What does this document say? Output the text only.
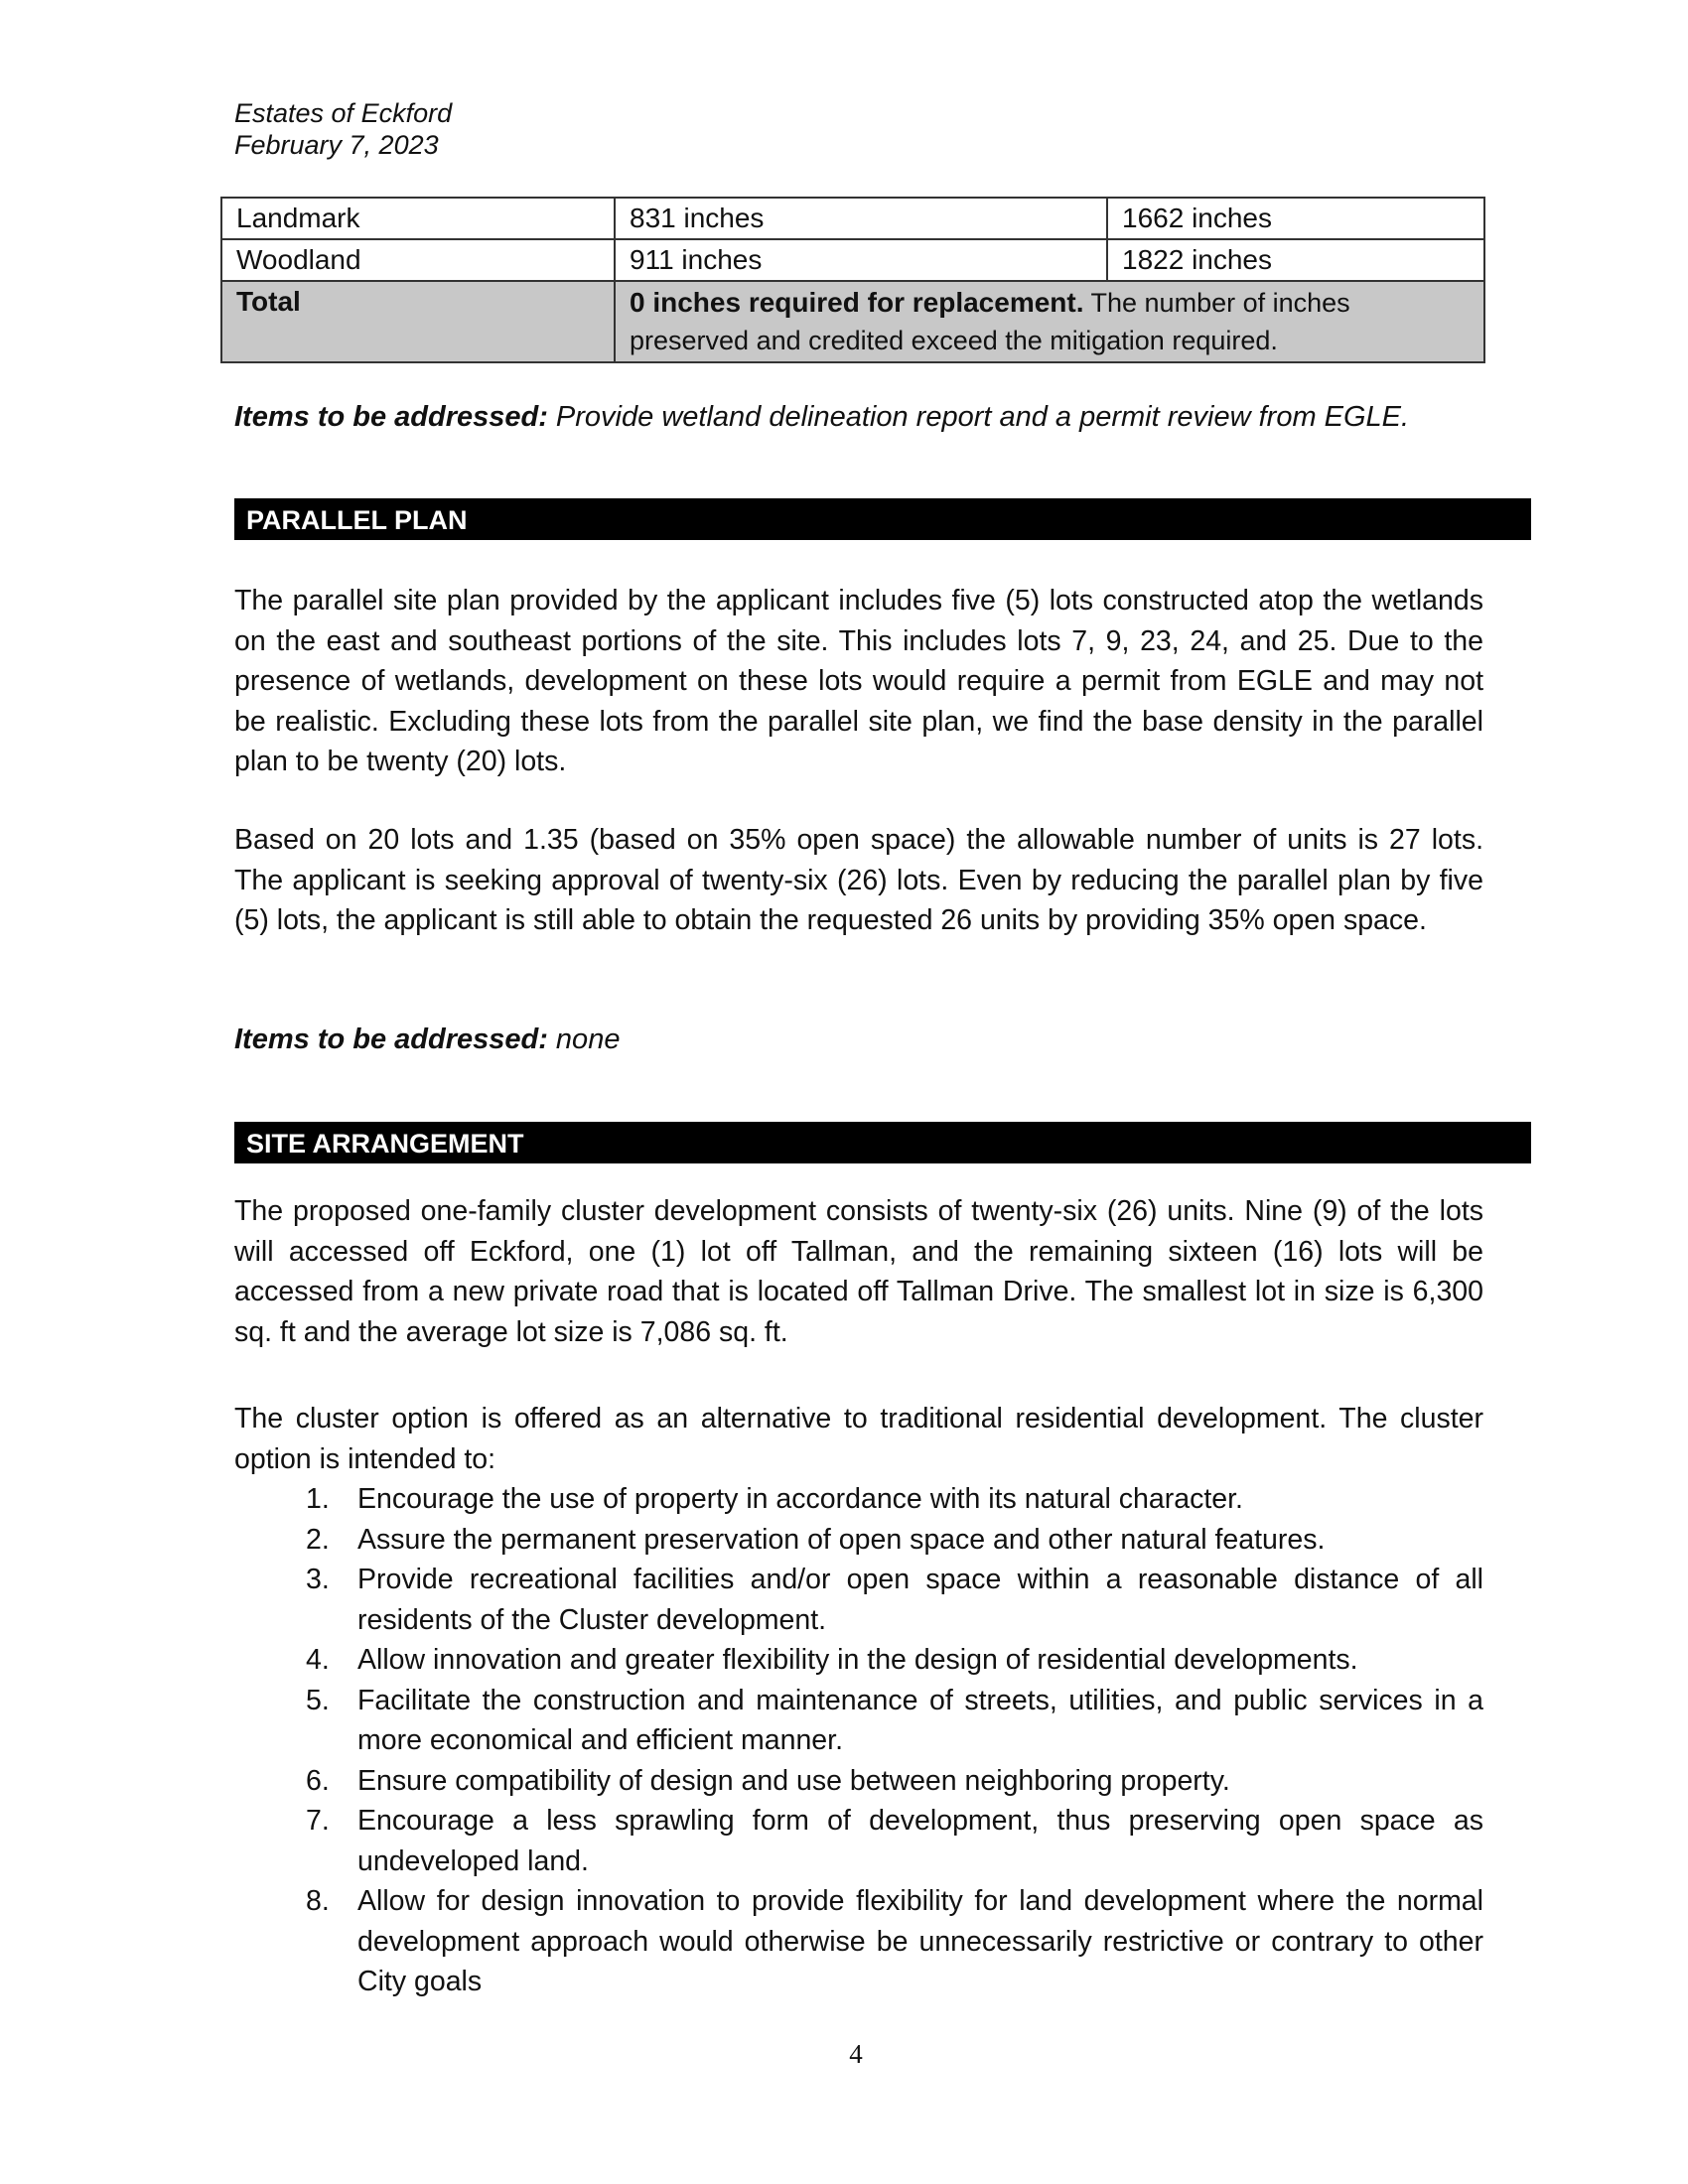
Estates of Eckford
February 7, 2023
Landmark	831 inches	1662 inches
Woodland	911 inches	1822 inches
Total	0 inches required for replacement. The number of inches preserved and credited exceed the mitigation required.	
Items to be addressed: Provide wetland delineation report and a permit review from EGLE.
PARALLEL PLAN
The parallel site plan provided by the applicant includes five (5) lots constructed atop the wetlands on the east and southeast portions of the site. This includes lots 7, 9, 23, 24, and 25. Due to the presence of wetlands, development on these lots would require a permit from EGLE and may not be realistic. Excluding these lots from the parallel site plan, we find the base density in the parallel plan to be twenty (20) lots.
Based on 20 lots and 1.35 (based on 35% open space) the allowable number of units is 27 lots. The applicant is seeking approval of twenty-six (26) lots. Even by reducing the parallel plan by five (5) lots, the applicant is still able to obtain the requested 26 units by providing 35% open space.
Items to be addressed: none
SITE ARRANGEMENT
The proposed one-family cluster development consists of twenty-six (26) units. Nine (9) of the lots will accessed off Eckford, one (1) lot off Tallman, and the remaining sixteen (16) lots will be accessed from a new private road that is located off Tallman Drive. The smallest lot in size is 6,300 sq. ft and the average lot size is 7,086 sq. ft.
The cluster option is offered as an alternative to traditional residential development. The cluster option is intended to:
1. Encourage the use of property in accordance with its natural character.
2. Assure the permanent preservation of open space and other natural features.
3. Provide recreational facilities and/or open space within a reasonable distance of all residents of the Cluster development.
4. Allow innovation and greater flexibility in the design of residential developments.
5. Facilitate the construction and maintenance of streets, utilities, and public services in a more economical and efficient manner.
6. Ensure compatibility of design and use between neighboring property.
7. Encourage a less sprawling form of development, thus preserving open space as undeveloped land.
8. Allow for design innovation to provide flexibility for land development where the normal development approach would otherwise be unnecessarily restrictive or contrary to other City goals
4
